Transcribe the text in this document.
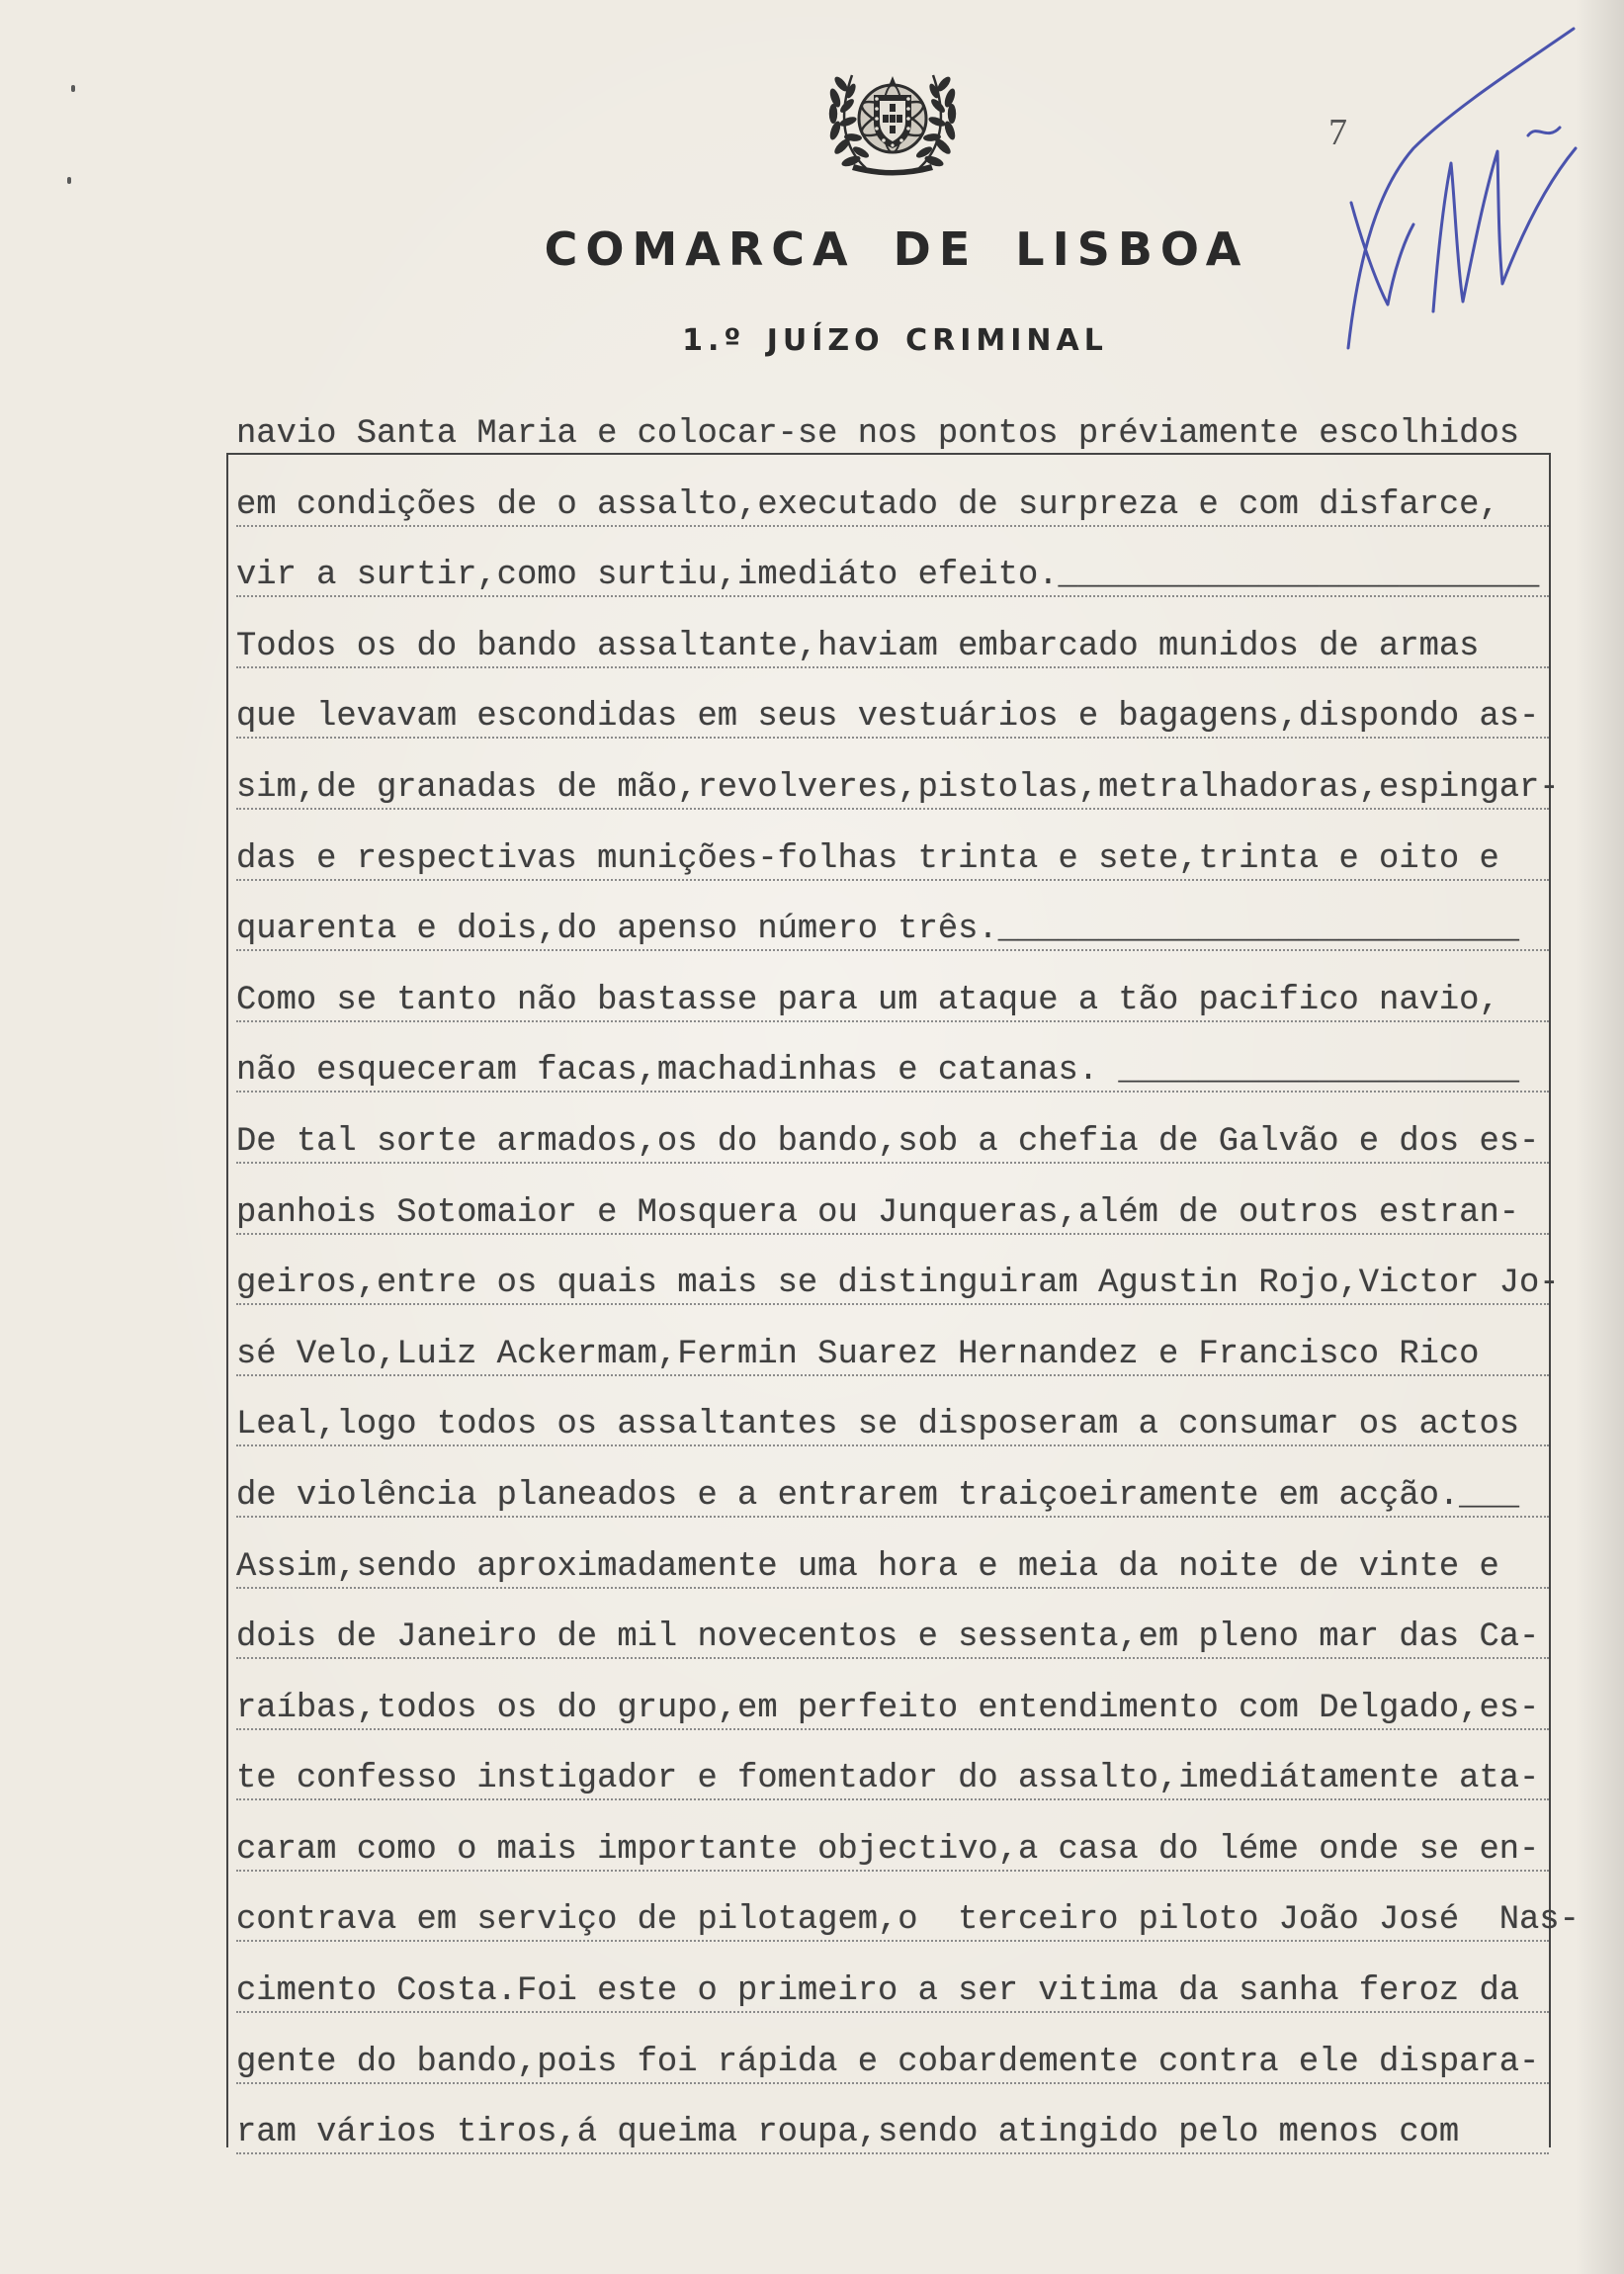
7
COMARCA DE LISBOA
1.º JUÍZO CRIMINAL
navio Santa Maria e colocar-se nos pontos préviamente escolhidos
em condições de o assalto,executado de surpreza e com disfarce,
vir a surtir,como surtiu,imediáto efeito.________________________
Todos os do bando assaltante,haviam embarcado munidos de armas
que levavam escondidas em seus vestuários e bagagens,dispondo as-
sim,de granadas de mão,revolveres,pistolas,metralhadoras,espingar-
das e respectivas munições-folhas trinta e sete,trinta e oito e
quarenta e dois,do apenso número três.__________________________
Como se tanto não bastasse para um ataque a tão pacifico navio,
não esqueceram facas,machadinhas e catanas. ____________________
De tal sorte armados,os do bando,sob a chefia de Galvão e dos es-
panhois Sotomaior e Mosquera ou Junqueras,além de outros estran-
geiros,entre os quais mais se distinguiram Agustin Rojo,Victor Jo-
sé Velo,Luiz Ackermam,Fermin Suarez Hernandez e Francisco Rico
Leal,logo todos os assaltantes se disposeram a consumar os actos
de violência planeados e a entrarem traiçoeiramente em acção.___
Assim,sendo aproximadamente uma hora e meia da noite de vinte e
dois de Janeiro de mil novecentos e sessenta,em pleno mar das Ca-
raíbas,todos os do grupo,em perfeito entendimento com Delgado,es-
te confesso instigador e fomentador do assalto,imediátamente ata-
caram como o mais importante objectivo,a casa do léme onde se en-
contrava em serviço de pilotagem,o  terceiro piloto João José  Nas-
cimento Costa.Foi este o primeiro a ser vitima da sanha feroz da
gente do bando,pois foi rápida e cobardemente contra ele dispara-
ram vários tiros,á queima roupa,sendo atingido pelo menos com
